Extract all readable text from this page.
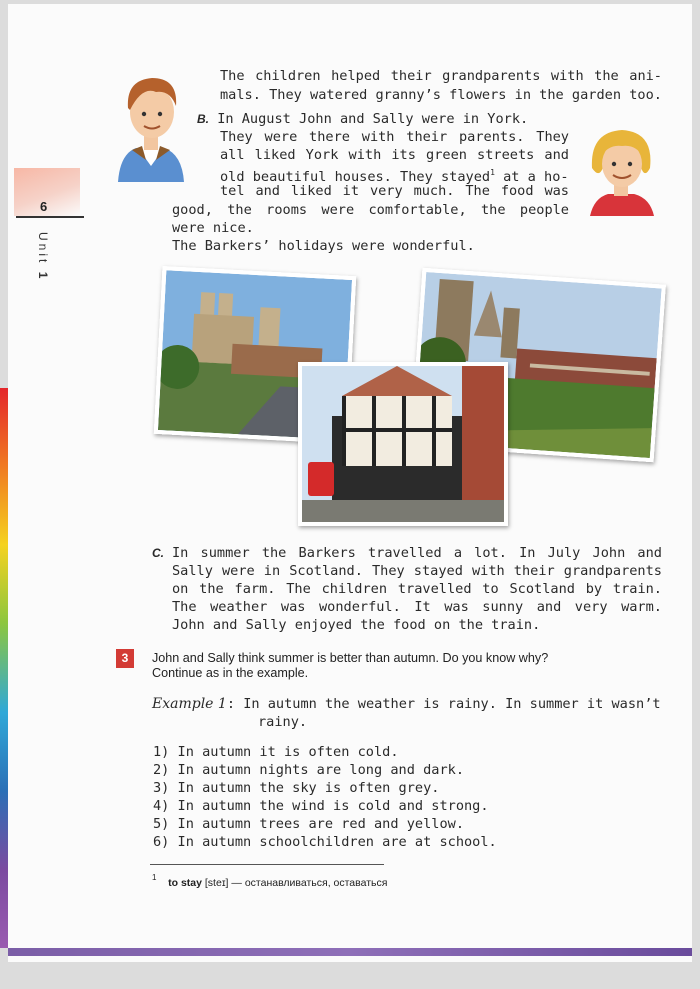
6
Unit 1
The children helped their grandparents with the ani-
mals. They watered granny’s flowers in the garden too.
B. In August John and Sally were in York.
They were there with their parents. They
all liked York with its green streets and
old beautiful houses. They stayed$^1$ at a ho-
tel and liked it very much. The food was
good, the rooms were comfortable, the people
were nice.
The Barkers’ holidays were wonderful.
C. In summer the Barkers travelled a lot. In July John and
Sally were in Scotland. They stayed with their grandparents
on the farm. The children travelled to Scotland by train.
The weather was wonderful. It was sunny and very warm.
John and Sally enjoyed the food on the train.
3	John and Sally think summer is better than autumn. Do you know why?
Continue as in the example.
Example 1: In autumn the weather is rainy. In summer it wasn’t
rainy.
1) In autumn it is often cold.
2) In autumn nights are long and dark.
3) In autumn the sky is often grey.
4) In autumn the wind is cold and strong.
5) In autumn trees are red and yellow.
6) In autumn schoolchildren are at school.
$^1$ to stay [steɪ] — останавливаться, оставаться
